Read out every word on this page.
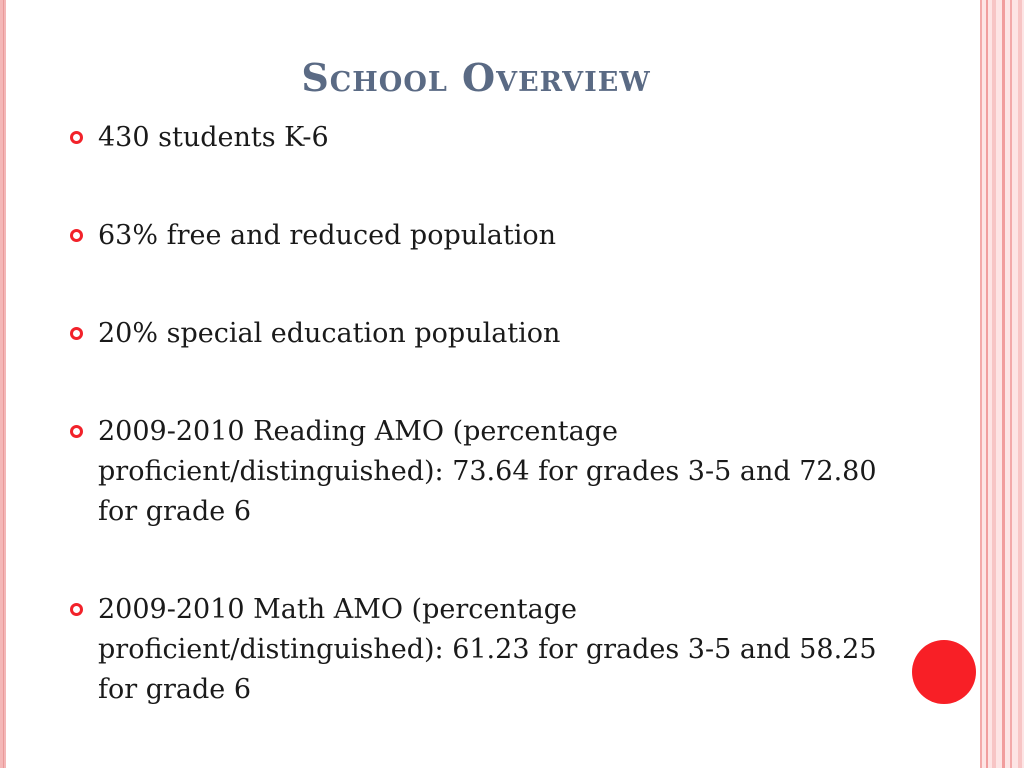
School Overview
430 students K-6
63% free and reduced population
20% special education population
2009-2010 Reading AMO (percentage proficient/distinguished): 73.64 for grades 3-5 and 72.80 for grade 6
2009-2010 Math AMO (percentage proficient/distinguished): 61.23 for grades 3-5 and 58.25 for grade 6
